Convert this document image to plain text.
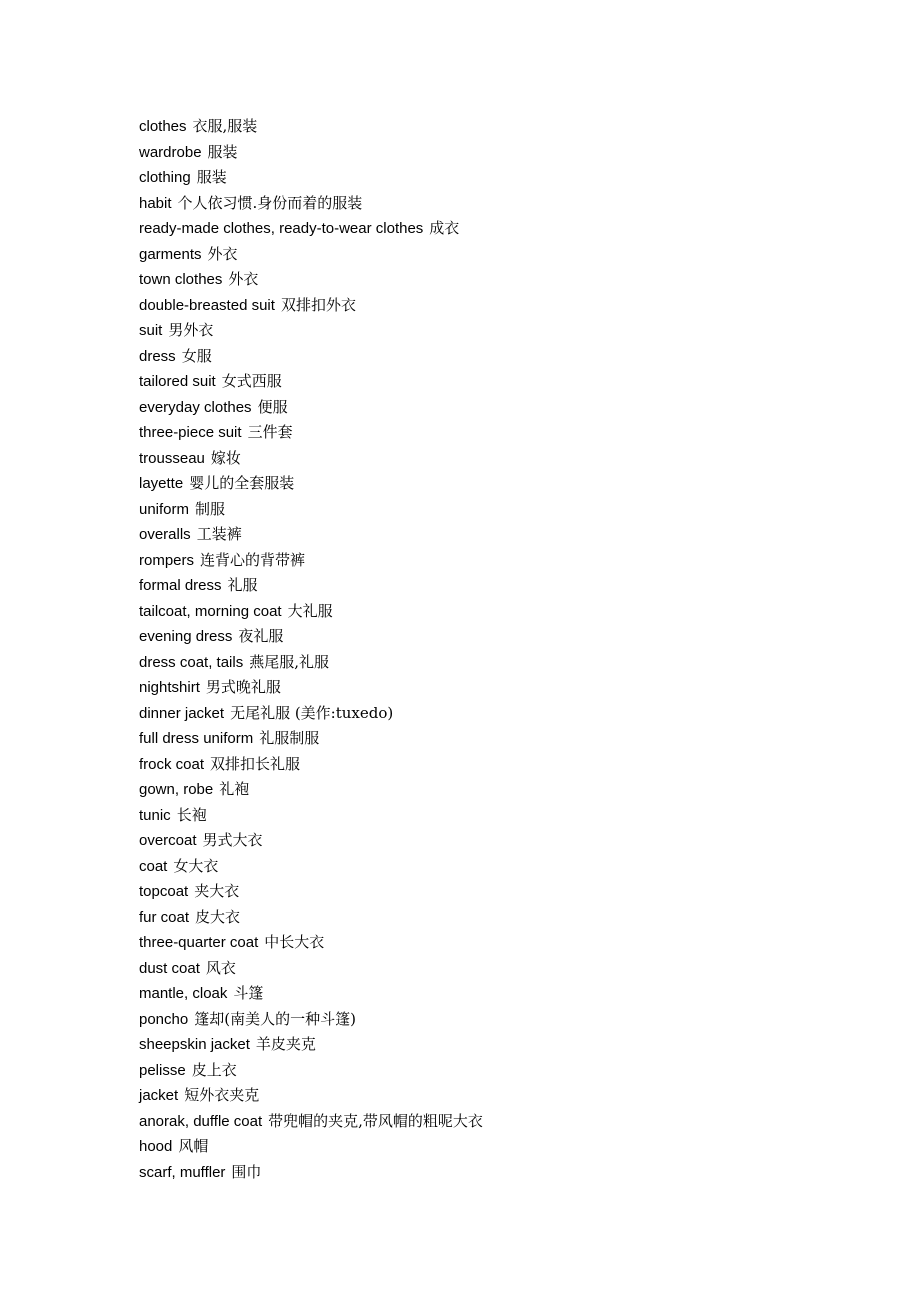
clothes 衣服,服装
wardrobe 服装
clothing 服装
habit 个人依习惯.身份而着的服装
ready-made clothes, ready-to-wear clothes 成衣
garments 外衣
town clothes 外衣
double-breasted suit 双排扣外衣
suit 男外衣
dress 女服
tailored suit 女式西服
everyday clothes 便服
three-piece suit 三件套
trousseau 嫁妆
layette 婴儿的全套服装
uniform 制服
overalls 工装裤
rompers 连背心的背带裤
formal dress 礼服
tailcoat, morning coat 大礼服
evening dress 夜礼服
dress coat, tails 燕尾服,礼服
nightshirt 男式晚礼服
dinner jacket 无尾礼服 (美作:tuxedo)
full dress uniform 礼服制服
frock coat 双排扣长礼服
gown, robe 礼袍
tunic 长袍
overcoat 男式大衣
coat 女大衣
topcoat 夹大衣
fur coat 皮大衣
three-quarter coat 中长大衣
dust coat 风衣
mantle, cloak 斗篷
poncho 篷却(南美人的一种斗篷)
sheepskin jacket 羊皮夹克
pelisse 皮上衣
jacket 短外衣夹克
anorak, duffle coat 带兜帽的夹克,带风帽的粗呢大衣
hood 风帽
scarf, muffler 围巾
